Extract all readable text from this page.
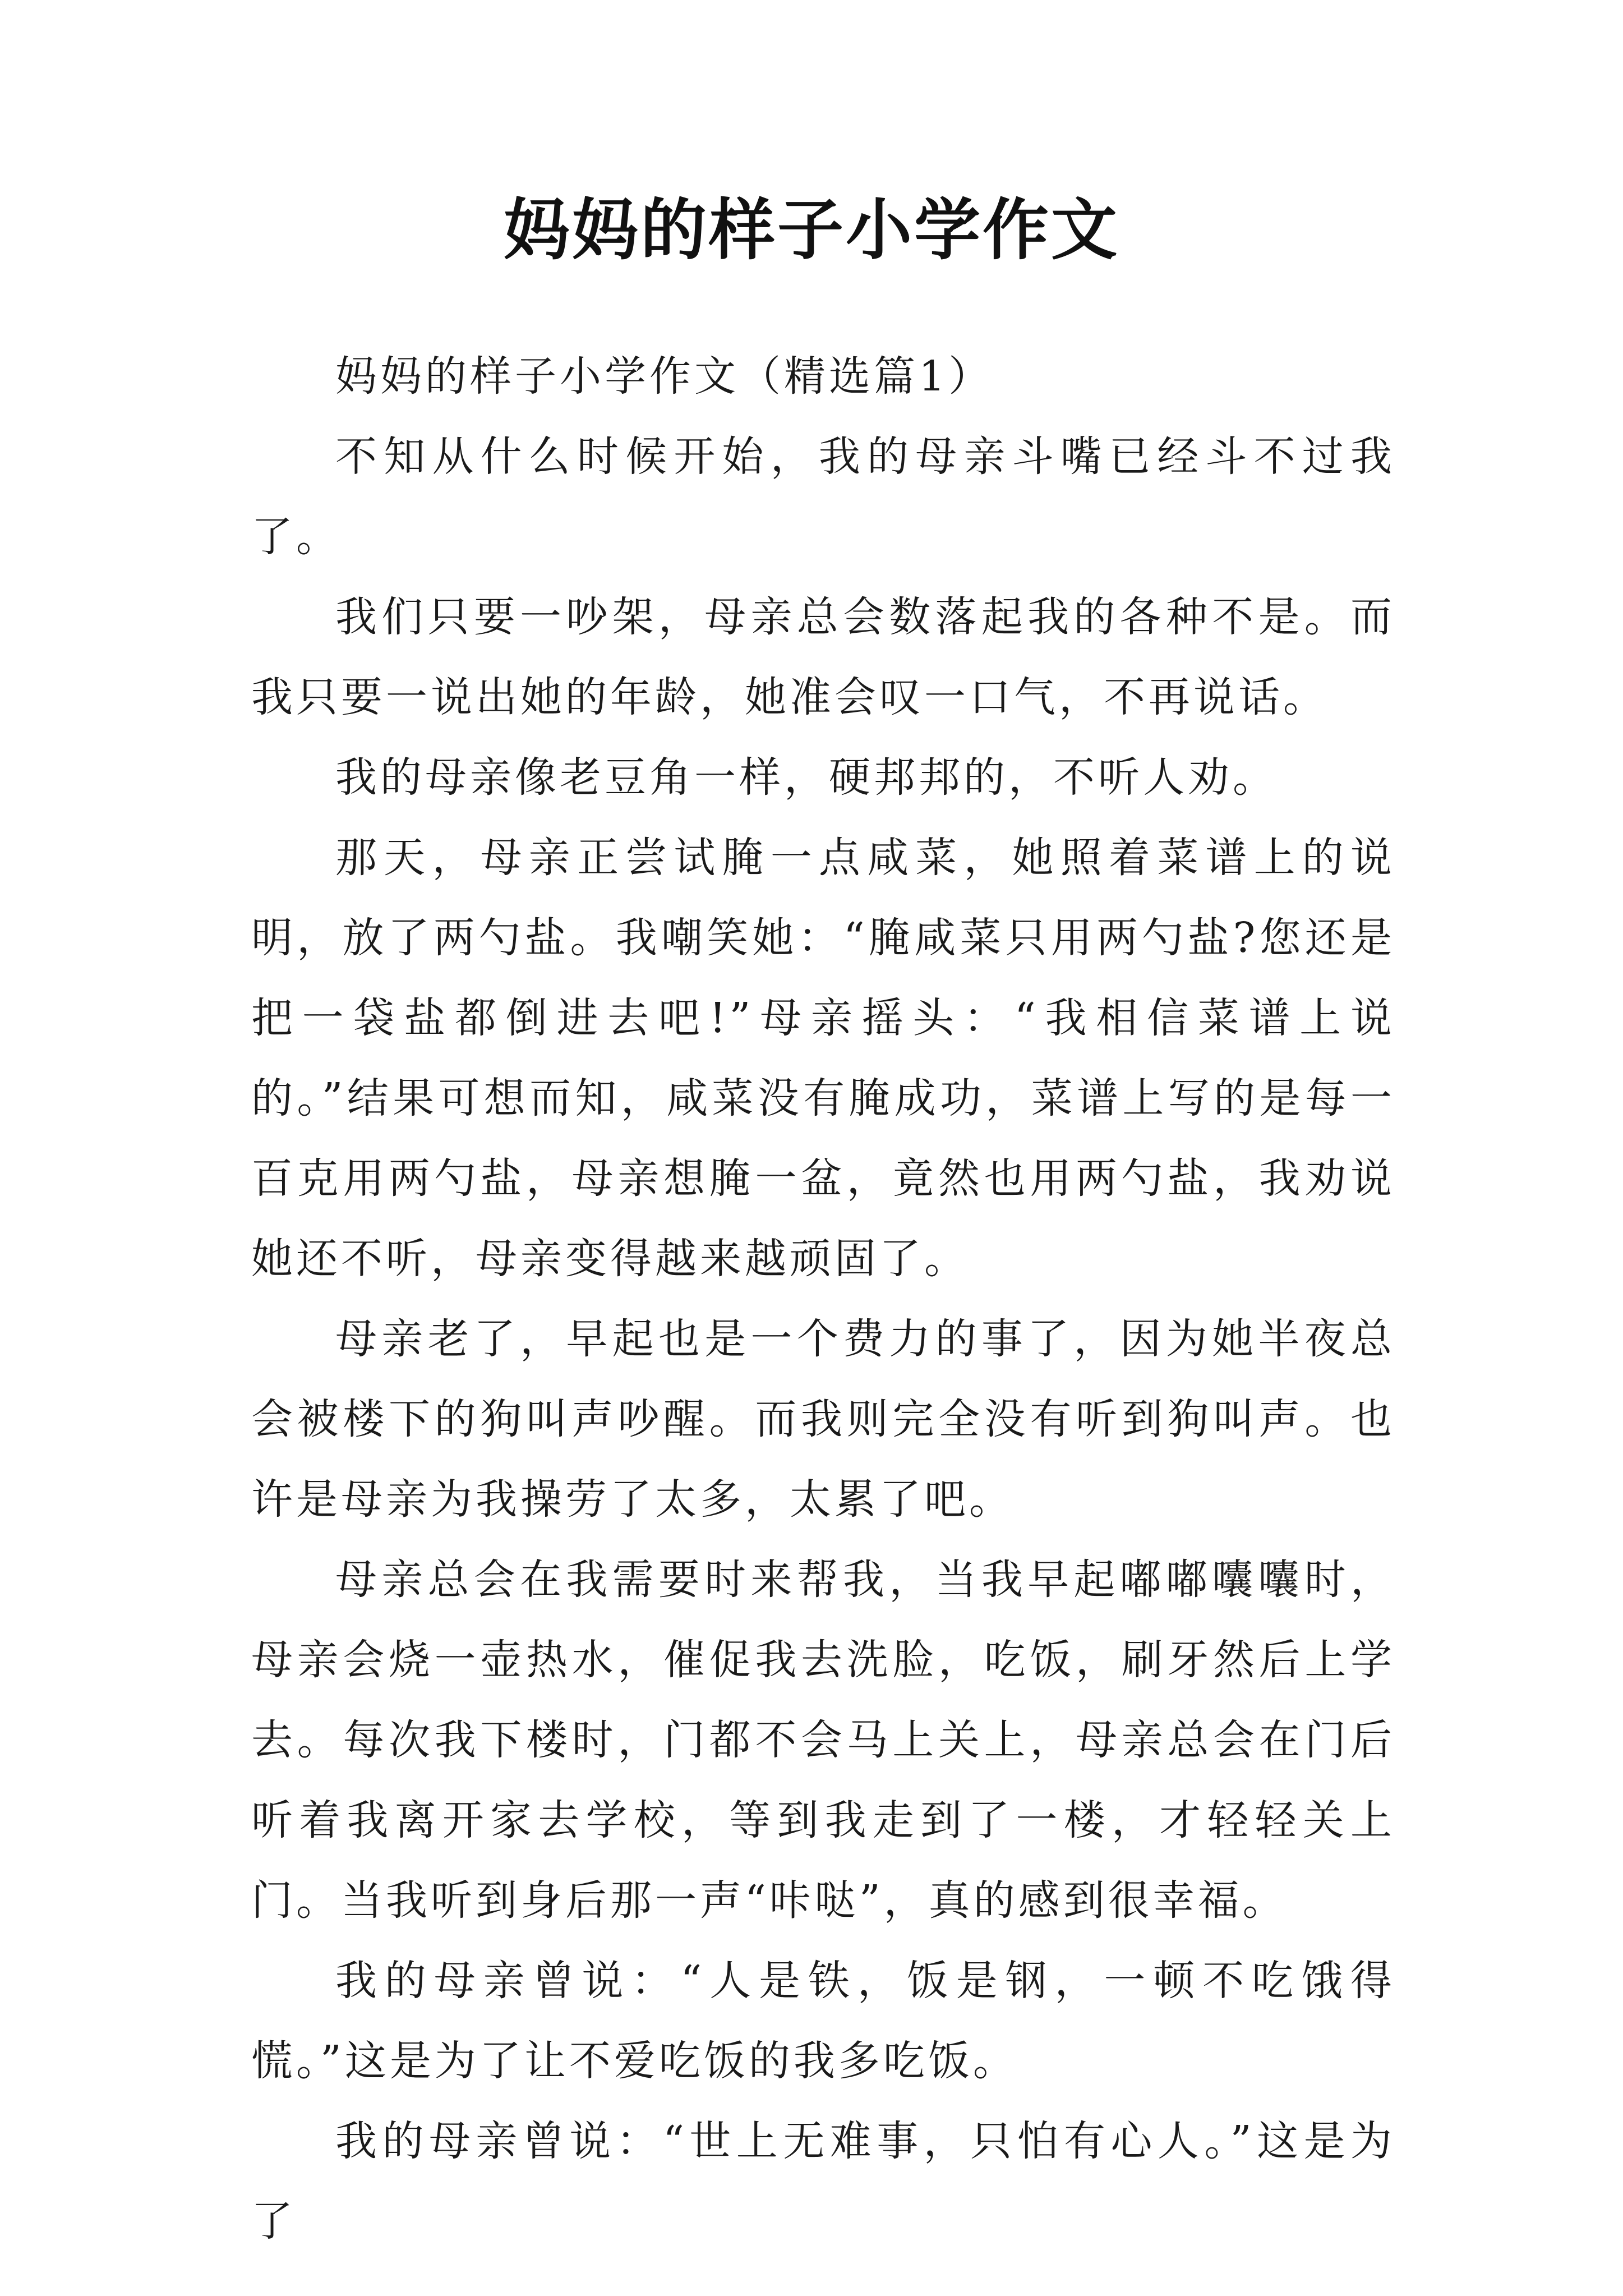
妈妈的样子小学作文

妈妈的样子小学作文（精选篇1）

不知从什么时候开始，我的母亲斗嘴已经斗不过我了。

我们只要一吵架，母亲总会数落起我的各种不是。而我只要一说出她的年龄，她准会叹一口气，不再说话。

我的母亲像老豆角一样，硬邦邦的，不听人劝。

那天，母亲正尝试腌一点咸菜，她照着菜谱上的说明，放了两勺盐。我嘲笑她：“腌咸菜只用两勺盐?您还是把一袋盐都倒进去吧!”母亲摇头：“我相信菜谱上说的。”结果可想而知，咸菜没有腌成功，菜谱上写的是每一百克用两勺盐，母亲想腌一盆，竟然也用两勺盐，我劝说她还不听，母亲变得越来越顽固了。

母亲老了，早起也是一个费力的事了，因为她半夜总会被楼下的狗叫声吵醒。而我则完全没有听到狗叫声。也许是母亲为我操劳了太多，太累了吧。

母亲总会在我需要时来帮我，当我早起嘟嘟囔囔时，母亲会烧一壶热水，催促我去洗脸，吃饭，刷牙然后上学去。每次我下楼时，门都不会马上关上，母亲总会在门后听着我离开家去学校，等到我走到了一楼，才轻轻关上门。当我听到身后那一声“咔哒”，真的感到很幸福。

我的母亲曾说：“人是铁，饭是钢，一顿不吃饿得慌。”这是为了让不爱吃饭的我多吃饭。

我的母亲曾说：“世上无难事，只怕有心人。”这是为了
